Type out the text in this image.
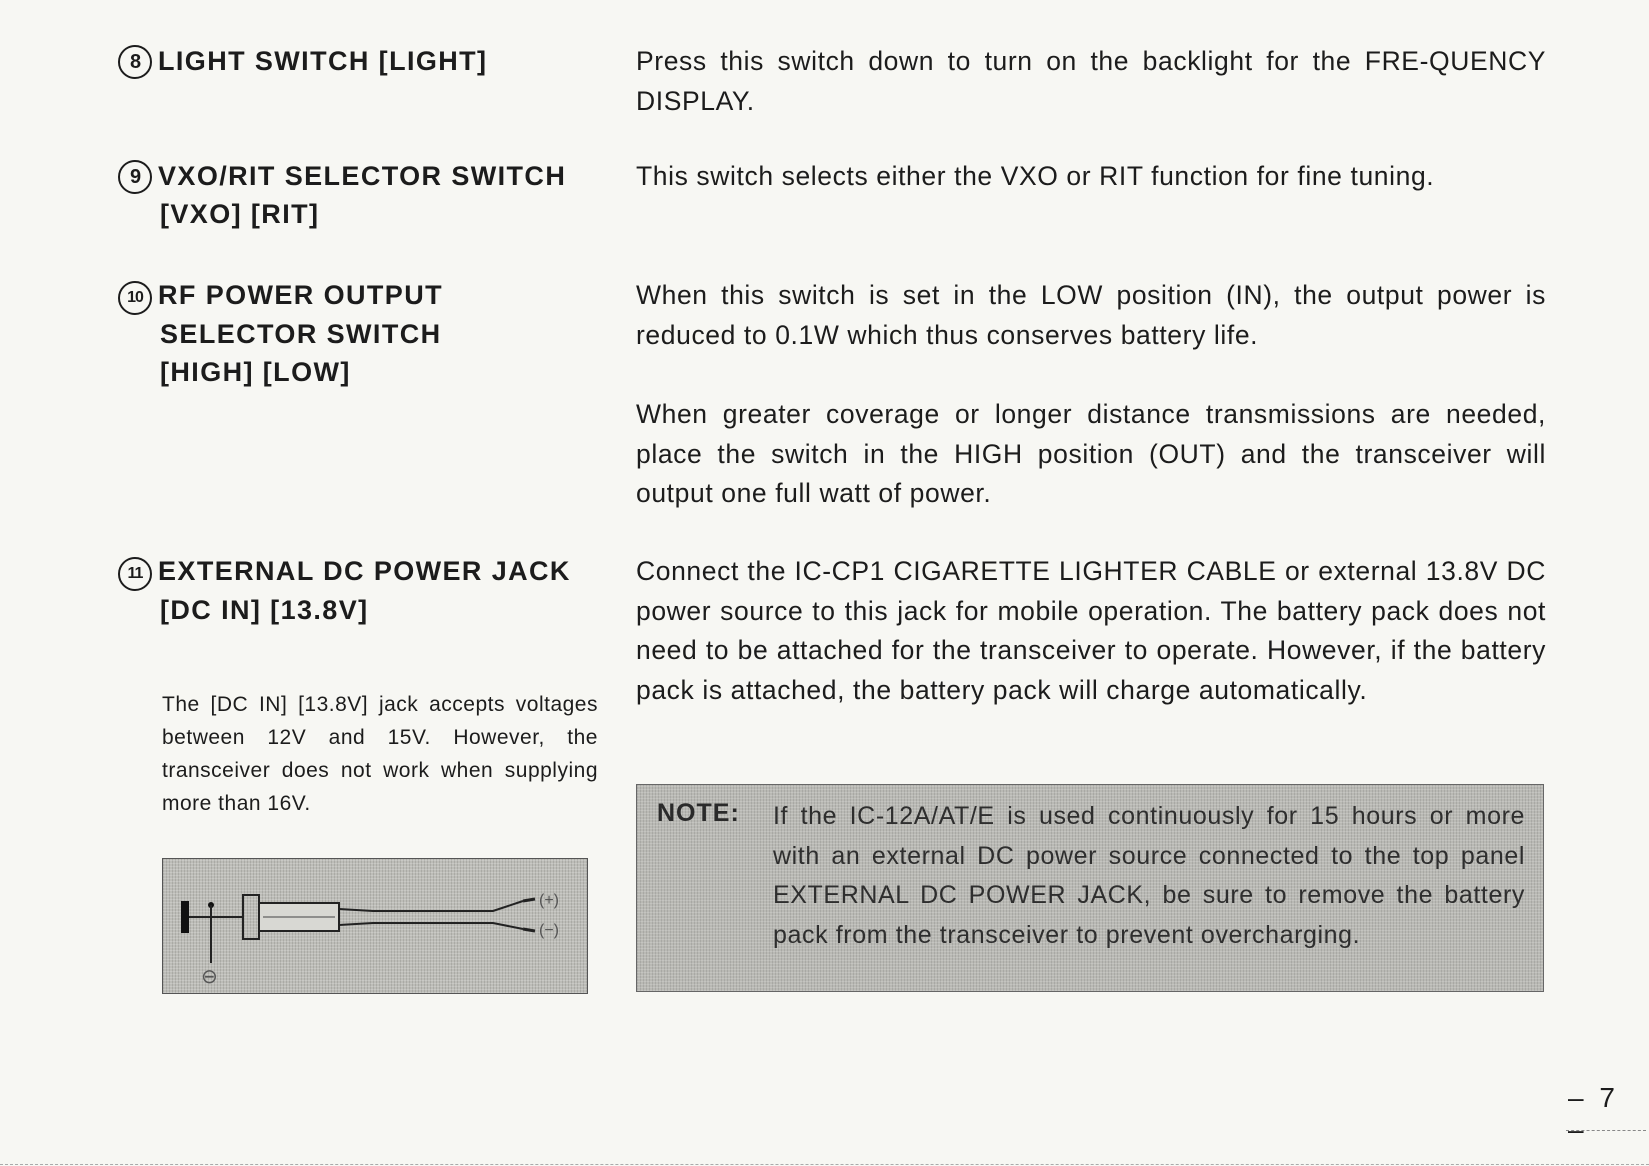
8 LIGHT SWITCH [LIGHT]	Press this switch down to turn on the backlight for the FRE-QUENCY DISPLAY.

9 VXO/RIT SELECTOR SWITCH
[VXO] [RIT]

This switch selects either the VXO or RIT function for fine tuning.

10 RF POWER OUTPUT
SELECTOR SWITCH
[HIGH] [LOW]

When this switch is set in the LOW position (IN), the output power is reduced to 0.1W which thus conserves battery life.

When greater coverage or longer distance transmissions are needed, place the switch in the HIGH position (OUT) and the transceiver will output one full watt of power.

11 EXTERNAL DC POWER JACK
[DC IN] [13.8V]

Connect the IC-CP1 CIGARETTE LIGHTER CABLE or external 13.8V DC power source to this jack for mobile operation. The battery pack does not need to be attached for the transceiver to operate. However, if the battery pack is attached, the battery pack will charge automatically.

The [DC IN] [13.8V] jack accepts voltages between 12V and 15V. However, the transceiver does not work when supplying more than 16V.

(+)
(−)
⊖
NOTE: If the IC-12A/AT/E is used continuously for 15 hours or more with an external DC power source connected to the top panel EXTERNAL DC POWER JACK, be sure to remove the battery pack from the transceiver to prevent overcharging.

– 7 –
